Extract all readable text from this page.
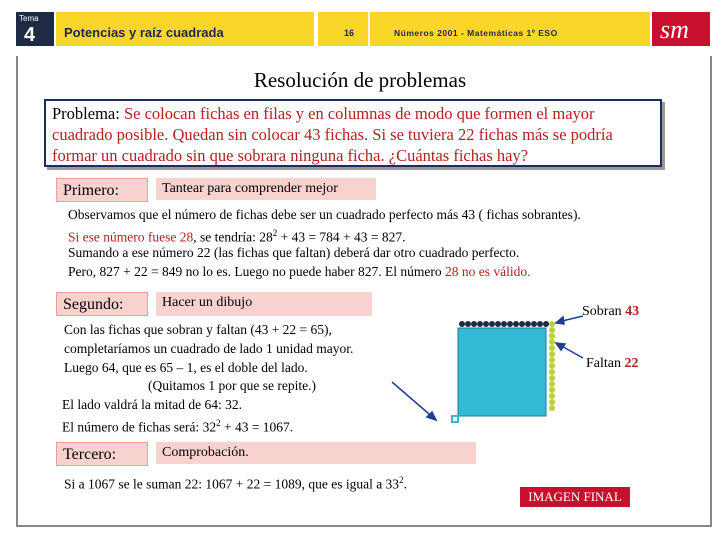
Tema
4 Potencias y raíz cuadrada	16	Números 2001 - Matemáticas 1º ESO	sm
Resolución de problemas
Problema: Se colocan fichas en filas y en columnas de modo que formen el mayor cuadrado posible. Quedan sin colocar 43 fichas. Si se tuviera 22 fichas más se podría formar un cuadrado sin que sobrara ninguna ficha. ¿Cuántas fichas hay?
Primero:	Tantear para comprender mejor
Observamos que el número de fichas debe ser un cuadrado perfecto más 43 ( fichas sobrantes).
Si ese número fuese 28, se tendría: $28^2 + 43 = 784 + 43 = 827$.
Sumando a ese número 22 (las fichas que faltan) deberá dar otro cuadrado perfecto.
Pero, 827 + 22 = 849 no lo es. Luego no puede haber 827. El número 28 no es válido.
Segundo:	Hacer un dibujo
Con las fichas que sobran y faltan (43 + 22 = 65),
completaríamos un cuadrado de lado 1 unidad mayor.
Luego 64, que es 65 – 1, es el doble del lado.
(Quitamos 1 por que se repite.)
El lado valdrá la mitad de 64: 32.
El número de fichas será: $32^2 + 43 = 1067$.
Sobran 43
Faltan 22
Tercero:	Comprobación.
Si a 1067 se le suman 22: 1067 + 22 = 1089, que es igual a $33^2$.
IMAGEN FINAL
